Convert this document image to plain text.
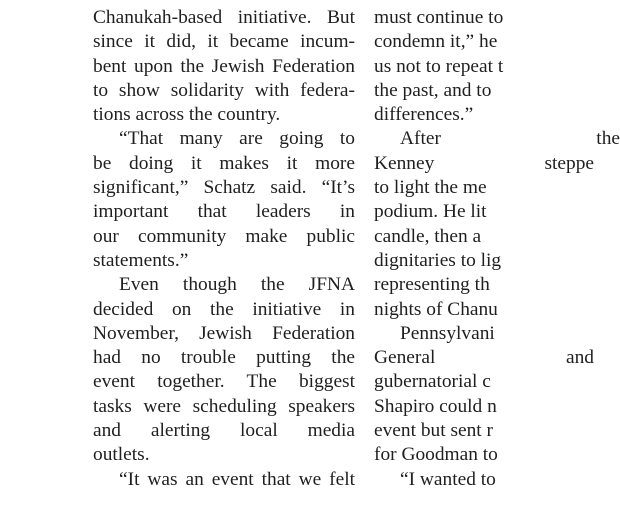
Chanukah-based initiative. But
since it did, it became incum-
bent upon the Jewish Federation
to show solidarity with federa-
tions across the country.
“That many are going to
be doing it makes it more
significant,” Schatz said. “It’s
important that leaders in
our community make public
statements.”
Even though the JFNA
decided on the initiative in
November, Jewish Federation
had no trouble putting the
event together. The biggest
tasks were scheduling speakers
and alerting local media
outlets.
“It was an event that we felt
must continue to
condemn it,” he
us not to repeat t
the past, and to
differences.”
After the
Kenney steppe
to light the me
podium. He lit
candle, then a
dignitaries to lig
representing th
nights of Chanu
Pennsylvani
General and
gubernatorial c
Shapiro could n
event but sent r
for Goodman to
“I wanted to
